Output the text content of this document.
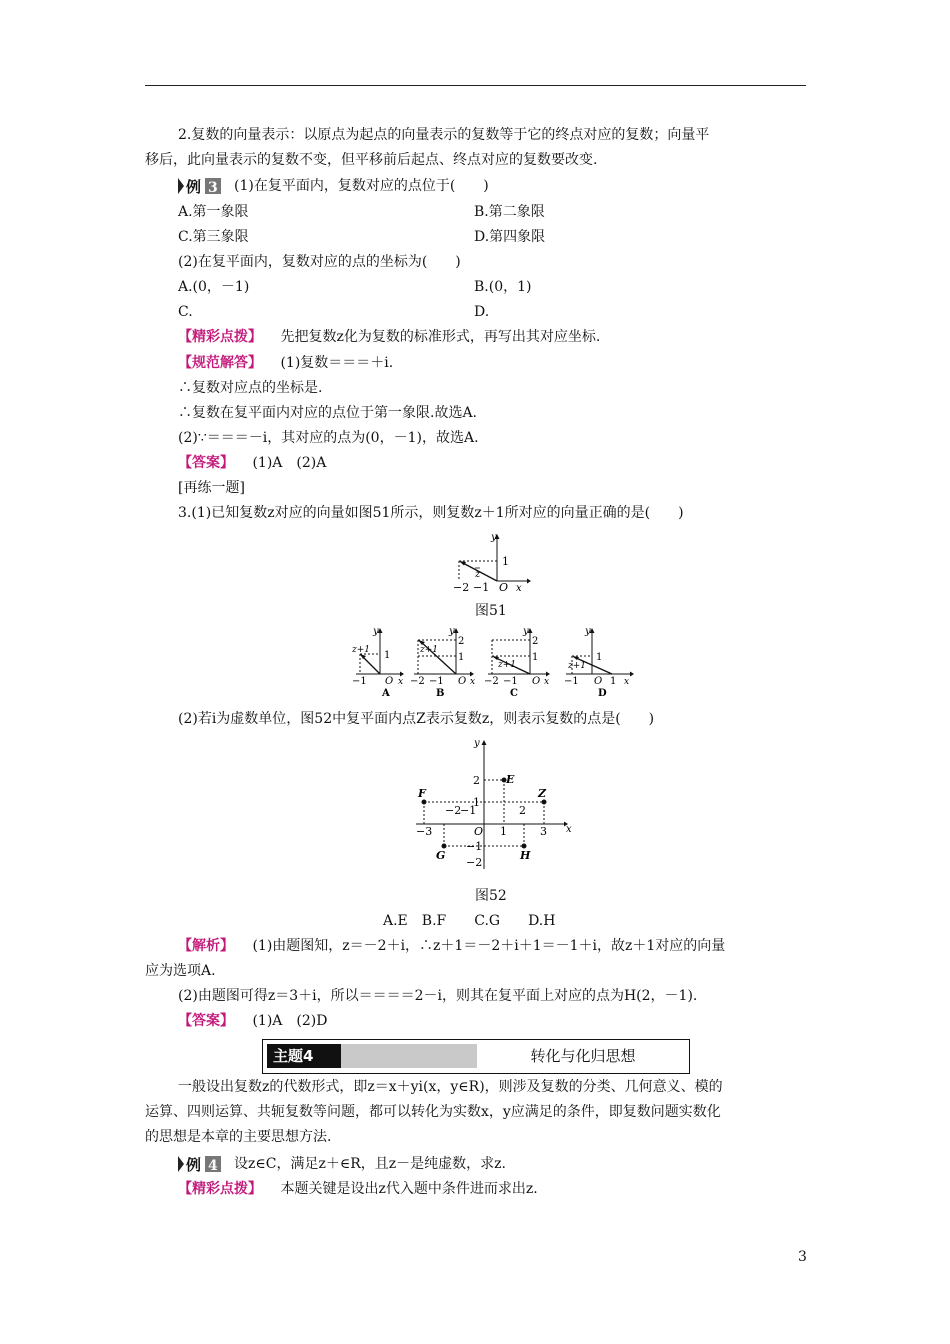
2.复数的向量表示：以原点为起点的向量表示的复数等于它的终点对应的复数；向量平
移后，此向量表示的复数不变，但平移前后起点、终点对应的复数要改变.
例 3 (1)在复平面内，复数对应的点位于(　　)
A.第一象限	B.第二象限
C.第三象限	D.第四象限
(2)在复平面内，复数对应的点的坐标为(　　)
A.(0，－1)	B.(0，1)
C.	D.
【精彩点拨】 先把复数z化为复数的标准形式，再写出其对应坐标.
【规范解答】 (1)复数＝＝＝＋i.
∴复数对应点的坐标是.
∴复数在复平面内对应的点位于第一象限.故选A.
(2)∵＝＝＝－i，其对应的点为(0，－1)，故选A.
【答案】 (1)A　(2)A
[再练一题]
3.(1)已知复数z对应的向量如图51所示，则复数z＋1所对应的向量正确的是(　　)
y
1
z
−2 −1 O x
图51
y
1
z+1
−1 O x
A
y
2
1
z+1
−2 −1 O x
B
y
2
1
z+1
−2 −1 O x
C
y
1
z+1
−1 O 1 x
D
(2)若i为虚数单位，图52中复平面内点Z表示复数z，则表示复数的点是(　　)
y
x
O
E
F	Z
G	H
2
1
−2
−1	2
−3	1	3
−1
−2
图52
A.E　B.F　　C.G　　D.H
【解析】 (1)由题图知，z＝－2＋i，∴z＋1＝－2＋i＋1＝－1＋i，故z＋1对应的向量
应为选项A.
(2)由题图可得z＝3＋i，所以＝＝＝＝2－i，则其在复平面上对应的点为H(2，－1).
【答案】 (1)A　(2)D
主题4	转化与化归思想
一般设出复数z的代数形式，即z＝x＋yi(x，y∈R)，则涉及复数的分类、几何意义、模的
运算、四则运算、共轭复数等问题，都可以转化为实数x，y应满足的条件，即复数问题实数化
的思想是本章的主要思想方法.
例 4 设z∈C，满足z＋∈R，且z－是纯虚数，求z.
【精彩点拨】 本题关键是设出z代入题中条件进而求出z.
3
